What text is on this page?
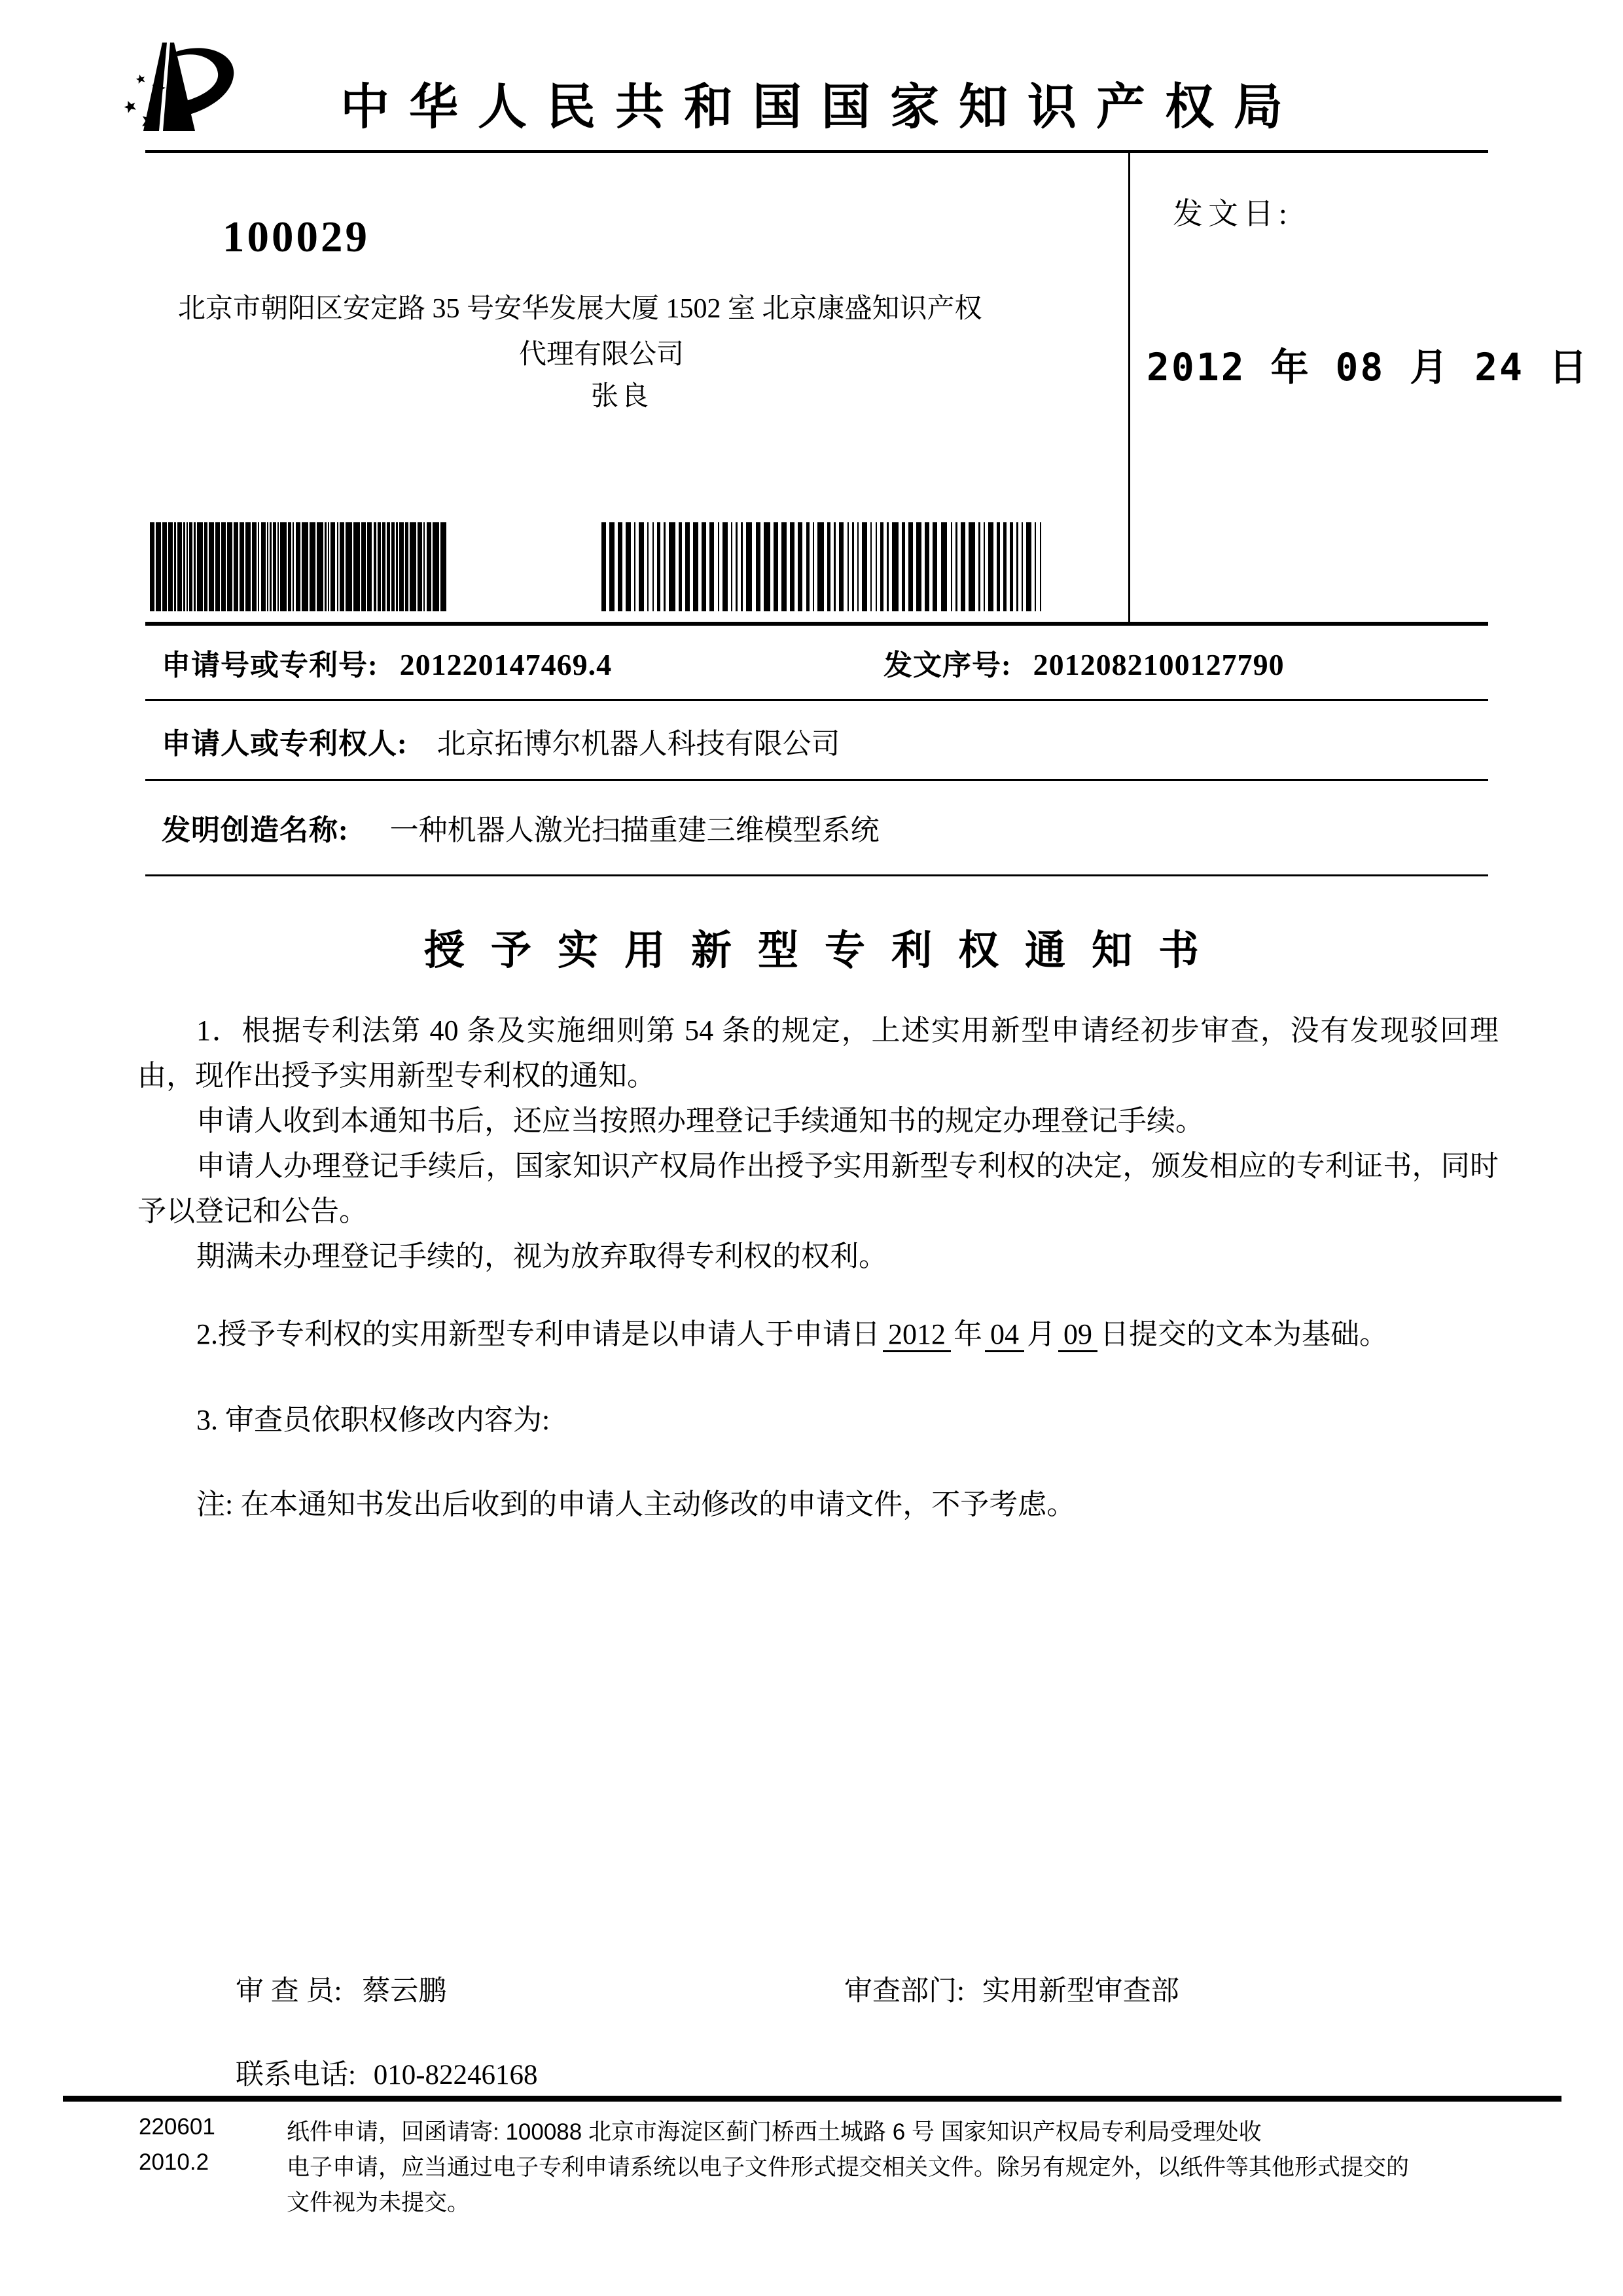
中华人民共和国国家知识产权局
发文日:
2012 年 08 月 24 日
100029
北京市朝阳区安定路 35 号安华发展大厦 1502 室 北京康盛知识产权
代理有限公司
张良
申请号或专利号: 201220147469.4	发文序号: 2012082100127790
申请人或专利权人: 北京拓博尔机器人科技有限公司
发明创造名称: 一种机器人激光扫描重建三维模型系统
授予实用新型专利权通知书

1．根据专利法第 40 条及实施细则第 54 条的规定，上述实用新型申请经初步审查，没有发现驳回理由，现作出授予实用新型专利权的通知。

申请人收到本通知书后，还应当按照办理登记手续通知书的规定办理登记手续。

申请人办理登记手续后，国家知识产权局作出授予实用新型专利权的决定，颁发相应的专利证书，同时予以登记和公告。

期满未办理登记手续的，视为放弃取得专利权的权利。

2.授予专利权的实用新型专利申请是以申请人于申请日 2012 年 04 月 09 日提交的文本为基础。

3. 审查员依职权修改内容为:

注: 在本通知书发出后收到的申请人主动修改的申请文件，不予考虑。

审 查 员: 蔡云鹏	审查部门: 实用新型审查部
联系电话: 010-82246168
220601
2010.2
纸件申请，回函请寄: 100088 北京市海淀区蓟门桥西土城路 6 号 国家知识产权局专利局受理处收
电子申请，应当通过电子专利申请系统以电子文件形式提交相关文件。除另有规定外，以纸件等其他形式提交的
文件视为未提交。
